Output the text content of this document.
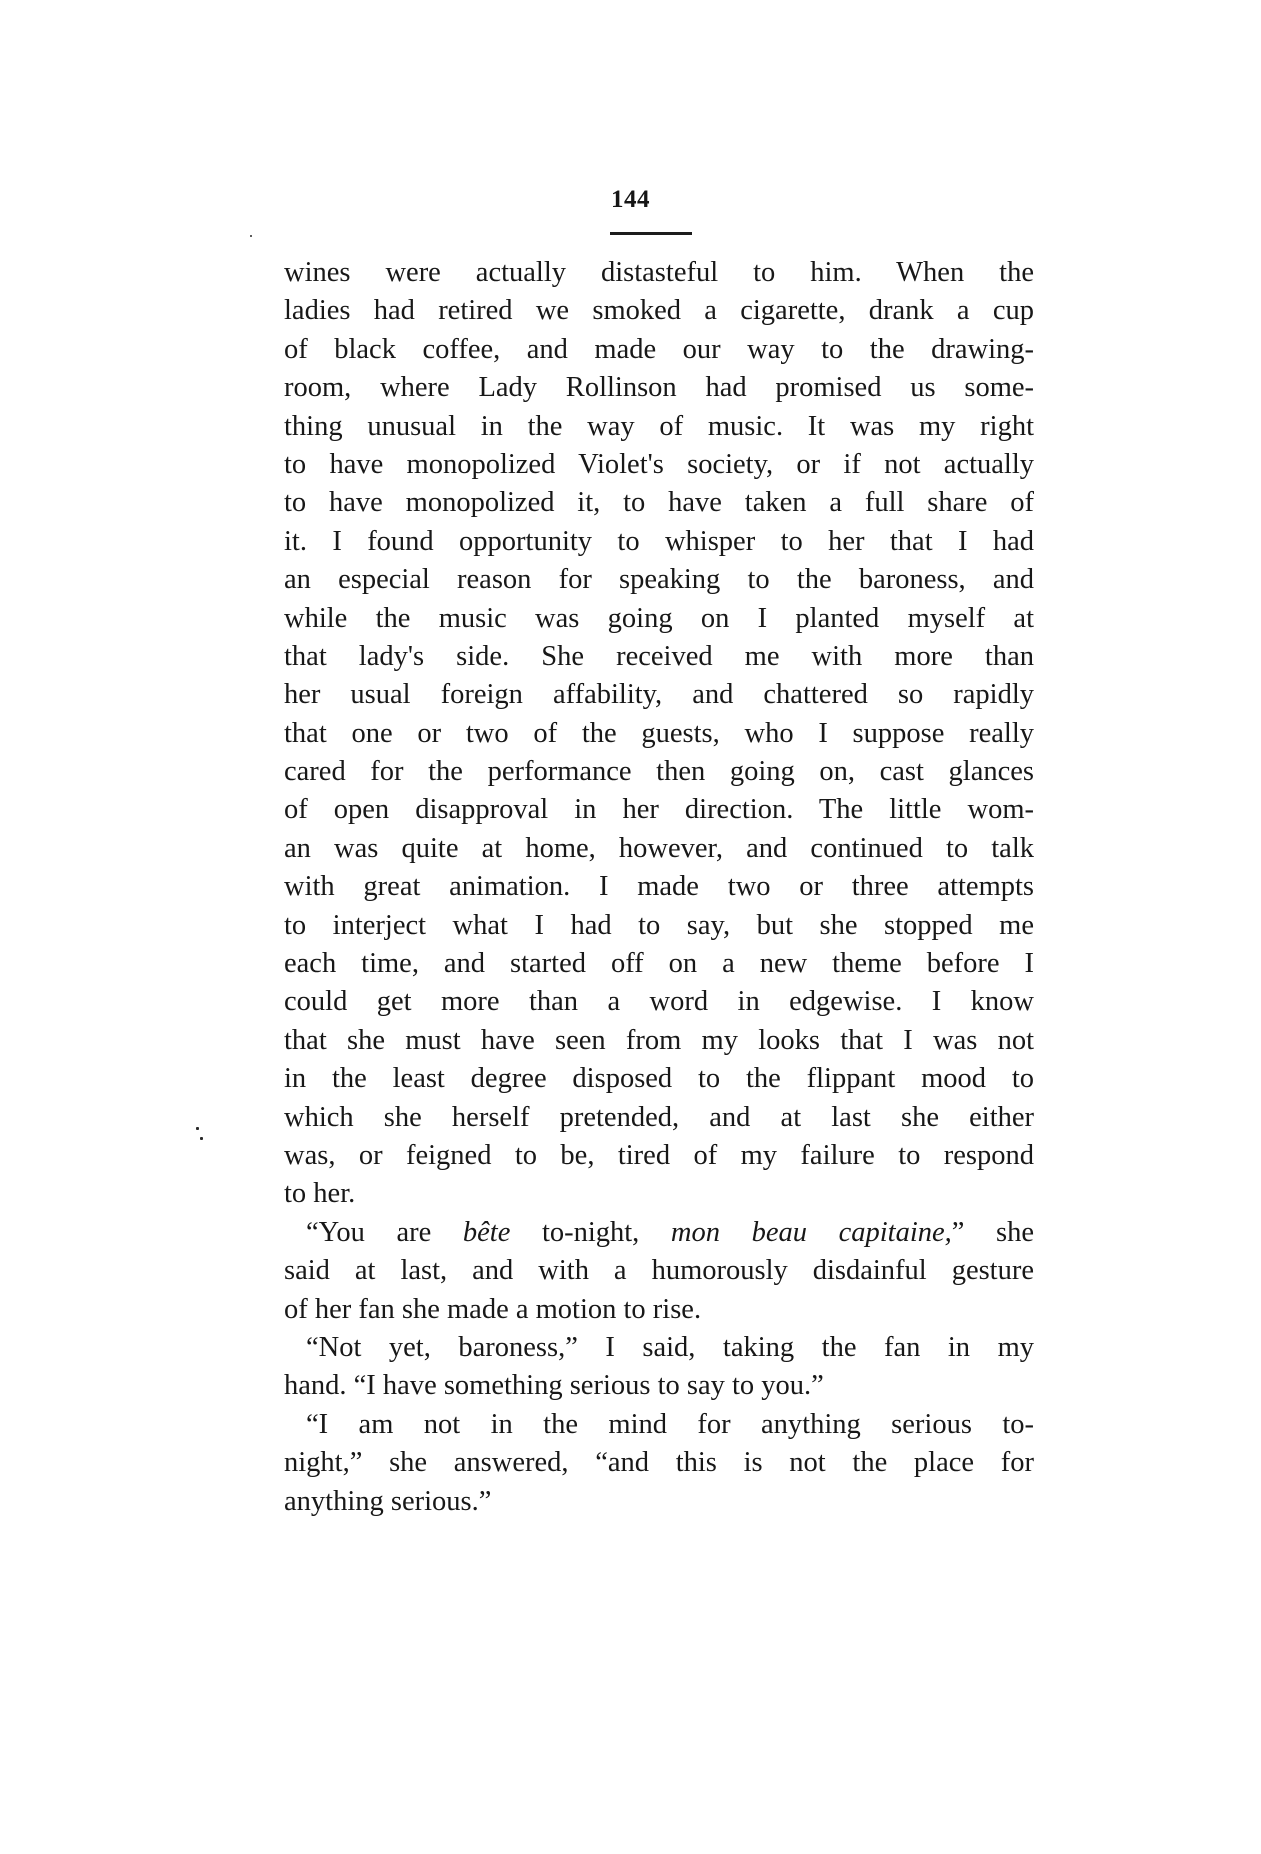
144
wines were actually distasteful to him. When the
ladies had retired we smoked a cigarette, drank a cup
of black coffee, and made our way to the drawing-
room, where Lady Rollinson had promised us some-
thing unusual in the way of music. It was my right
to have monopolized Violet's society, or if not actually
to have monopolized it, to have taken a full share of
it. I found opportunity to whisper to her that I had
an especial reason for speaking to the baroness, and
while the music was going on I planted myself at
that lady's side. She received me with more than
her usual foreign affability, and chattered so rapidly
that one or two of the guests, who I suppose really
cared for the performance then going on, cast glances
of open disapproval in her direction. The little wom-
an was quite at home, however, and continued to talk
with great animation. I made two or three attempts
to interject what I had to say, but she stopped me
each time, and started off on a new theme before I
could get more than a word in edgewise. I know
that she must have seen from my looks that I was not
in the least degree disposed to the flippant mood to
which she herself pretended, and at last she either
was, or feigned to be, tired of my failure to respond
to her.
“You are bête to-night, mon beau capitaine,” she
said at last, and with a humorously disdainful gesture
of her fan she made a motion to rise.
“Not yet, baroness,” I said, taking the fan in my
hand. “I have something serious to say to you.”
“I am not in the mind for anything serious to-
night,” she answered, “and this is not the place for
anything serious.”
